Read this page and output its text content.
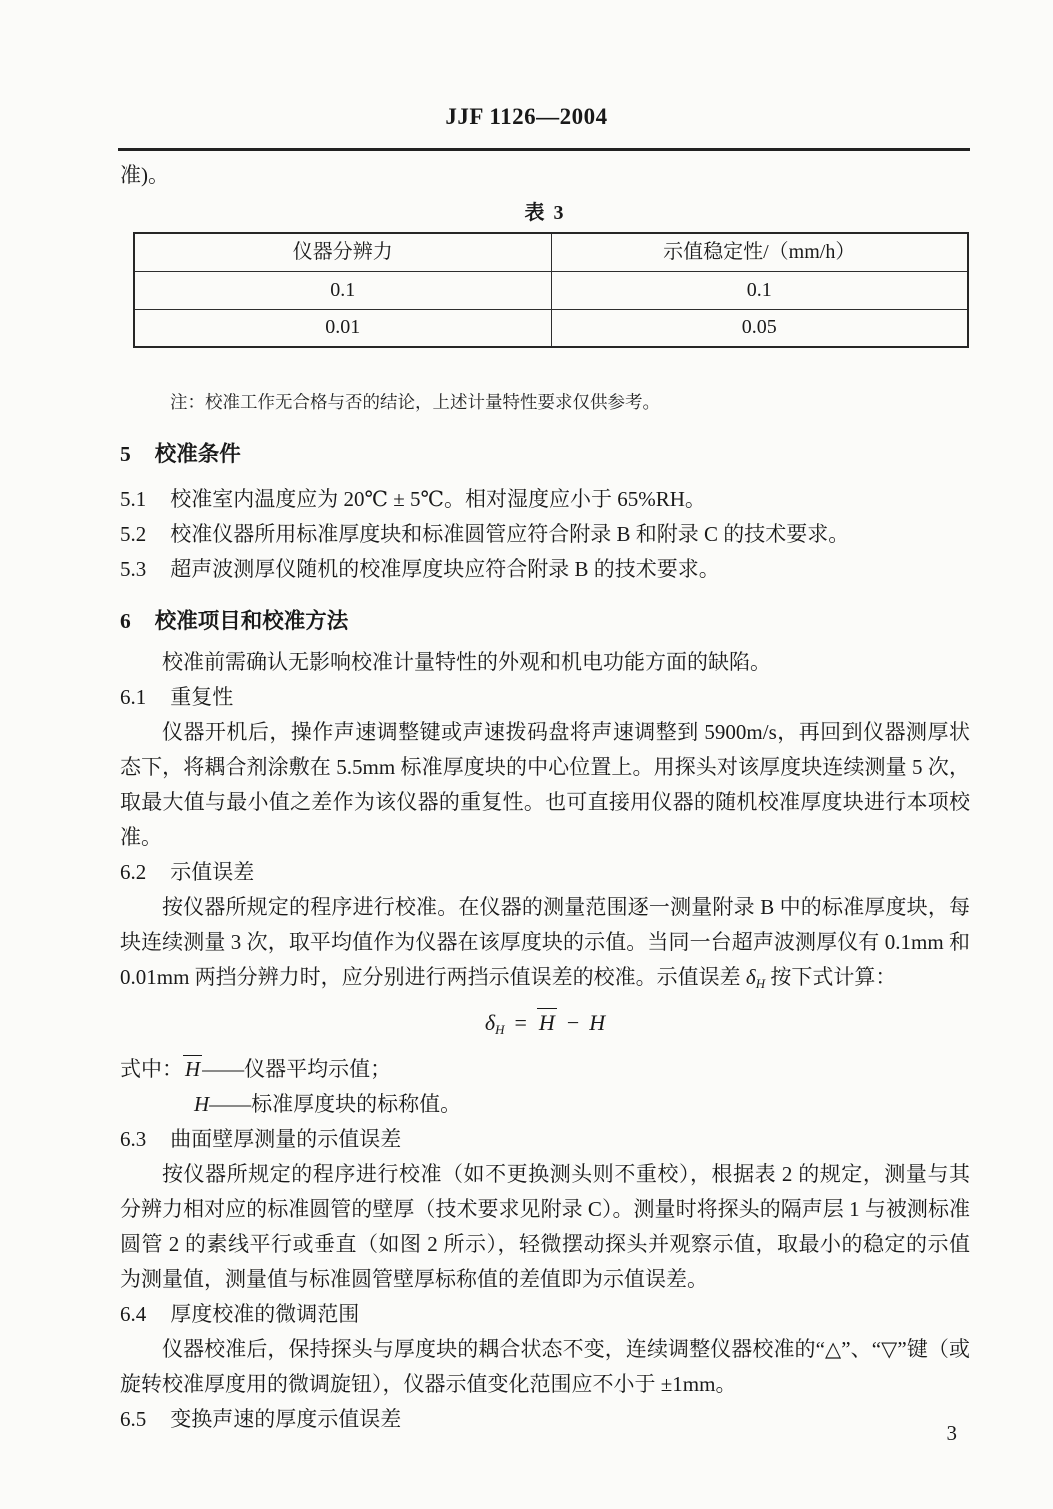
JJF 1126—2004

准)。

表 3
仪器分辨力	示值稳定性/（mm/h）
0.1	0.1
0.01	0.05

注：校准工作无合格与否的结论，上述计量特性要求仅供参考。

5 校准条件

5.1 校准室内温度应为 20℃ ± 5℃。相对湿度应小于 65%RH。

5.2 校准仪器所用标准厚度块和标准圆管应符合附录 B 和附录 C 的技术要求。

5.3 超声波测厚仪随机的校准厚度块应符合附录 B 的技术要求。

6 校准项目和校准方法

校准前需确认无影响校准计量特性的外观和机电功能方面的缺陷。

6.1 重复性

仪器开机后，操作声速调整键或声速拨码盘将声速调整到 5900m/s，再回到仪器测厚状态下，将耦合剂涂敷在 5.5mm 标准厚度块的中心位置上。用探头对该厚度块连续测量 5 次，取最大值与最小值之差作为该仪器的重复性。也可直接用仪器的随机校准厚度块进行本项校准。

6.2 示值误差

按仪器所规定的程序进行校准。在仪器的测量范围逐一测量附录 B 中的标准厚度块，每块连续测量 3 次，取平均值作为仪器在该厚度块的示值。当同一台超声波测厚仪有 0.1mm 和 0.01mm 两挡分辨力时，应分别进行两挡示值误差的校准。示值误差 $\delta_H$ 按下式计算：

$\delta_H = H - H$

式中：H——仪器平均示值；

H——标准厚度块的标称值。

6.3 曲面壁厚测量的示值误差

按仪器所规定的程序进行校准（如不更换测头则不重校），根据表 2 的规定，测量与其分辨力相对应的标准圆管的壁厚（技术要求见附录 C）。测量时将探头的隔声层 1 与被测标准圆管 2 的素线平行或垂直（如图 2 所示），轻微摆动探头并观察示值，取最小的稳定的示值为测量值，测量值与标准圆管壁厚标称值的差值即为示值误差。

6.4 厚度校准的微调范围

仪器校准后，保持探头与厚度块的耦合状态不变，连续调整仪器校准的“△”、“▽”键（或旋转校准厚度用的微调旋钮），仪器示值变化范围应不小于 ±1mm。

6.5 变换声速的厚度示值误差

3
